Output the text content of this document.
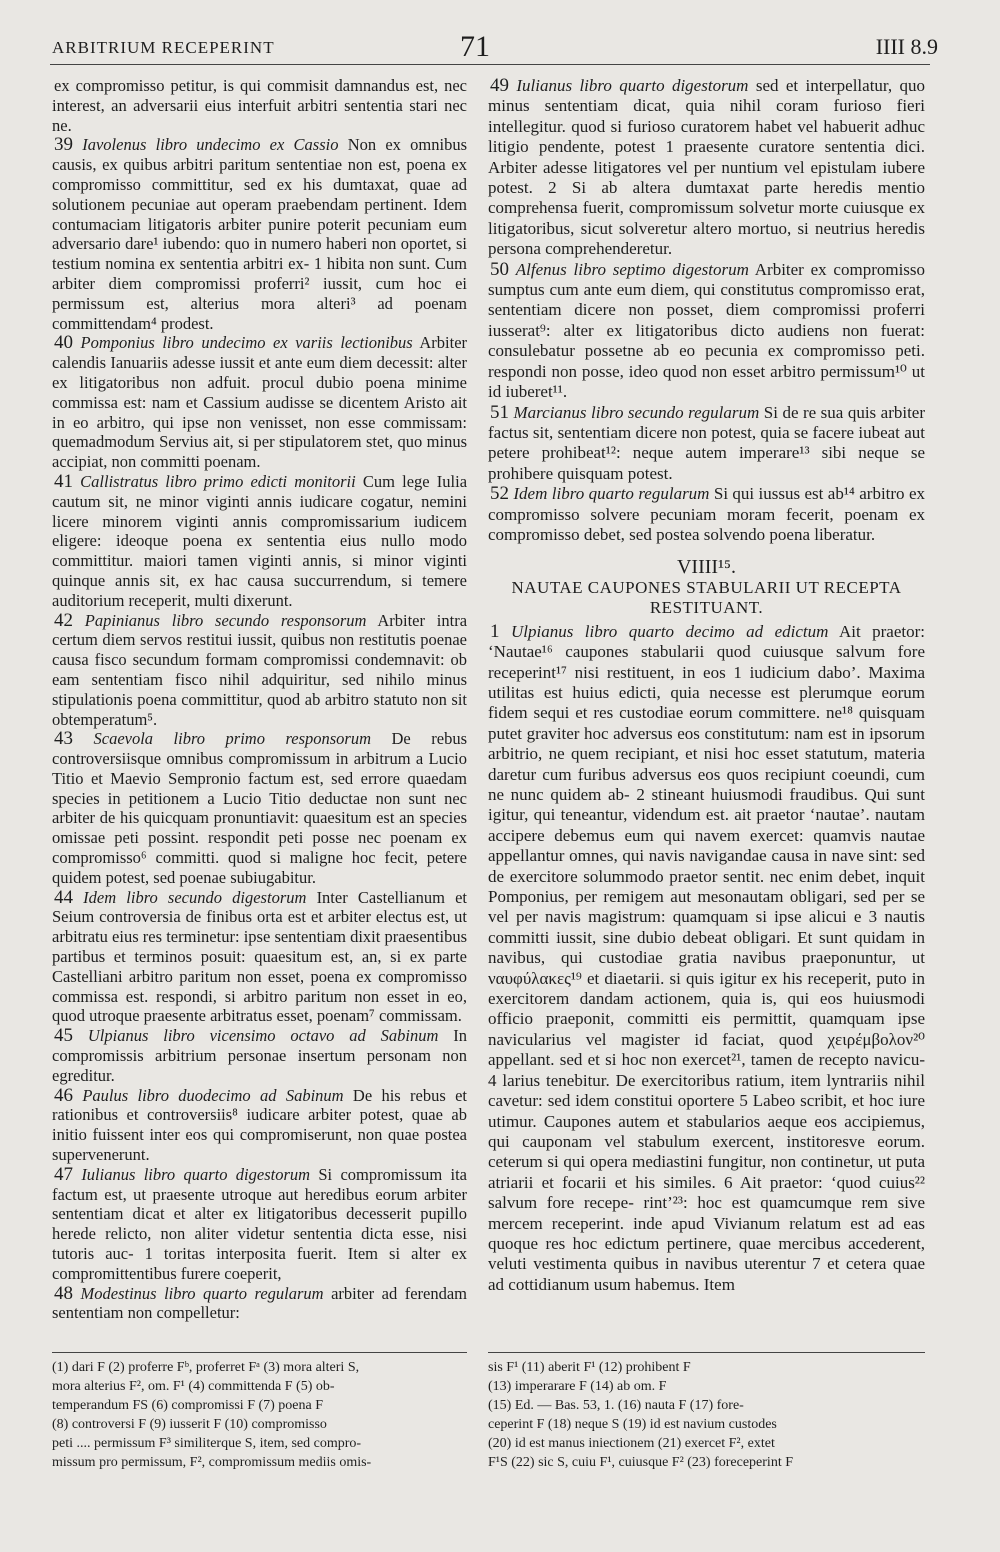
ARBITRIUM RECEPERINT	71	IIII 8.9

ex compromisso petitur, is qui commisit damnandus est, nec interest, an adversarii eius interfuit arbitri sententia stari nec ne.

39 Iavolenus libro undecimo ex Cassio Non ex omnibus causis, ex quibus arbitri paritum sententiae non est, poena ex compromisso committitur, sed ex his dumtaxat, quae ad solutionem pecuniae aut operam praebendam pertinent. Idem contumaciam litigatoris arbiter punire poterit pecuniam eum adversario dare¹ iubendo: quo in numero haberi non oportet, si testium nomina ex sententia arbitri ex- 1 hibita non sunt. Cum arbiter diem compromissi proferri² iussit, cum hoc ei permissum est, alterius mora alteri³ ad poenam committendam⁴ prodest.

40 Pomponius libro undecimo ex variis lectionibus Arbiter calendis Ianuariis adesse iussit et ante eum diem decessit: alter ex litigatoribus non adfuit. procul dubio poena minime commissa est: nam et Cassium audisse se dicentem Aristo ait in eo arbitro, qui ipse non venisset, non esse commissam: quemadmodum Servius ait, si per stipulatorem stet, quo minus accipiat, non committi poenam.

41 Callistratus libro primo edicti monitorii Cum lege Iulia cautum sit, ne minor viginti annis iudicare cogatur, nemini licere minorem viginti annis compromissarium iudicem eligere: ideoque poena ex sententia eius nullo modo committitur. maiori tamen viginti annis, si minor viginti quinque annis sit, ex hac causa succurrendum, si temere auditorium receperit, multi dixerunt.

42 Papinianus libro secundo responsorum Arbiter intra certum diem servos restitui iussit, quibus non restitutis poenae causa fisco secundum formam compromissi condemnavit: ob eam sententiam fisco nihil adquiritur, sed nihilo minus stipulationis poena committitur, quod ab arbitro statuto non sit obtemperatum⁵.

43 Scaevola libro primo responsorum De rebus controversiisque omnibus compromissum in arbitrum a Lucio Titio et Maevio Sempronio factum est, sed errore quaedam species in petitionem a Lucio Titio deductae non sunt nec arbiter de his quicquam pronuntiavit: quaesitum est an species omissae peti possint. respondit peti posse nec poenam ex compromisso⁶ committi. quod si maligne hoc fecit, petere quidem potest, sed poenae subiugabitur.

44 Idem libro secundo digestorum Inter Castellianum et Seium controversia de finibus orta est et arbiter electus est, ut arbitratu eius res terminetur: ipse sententiam dixit praesentibus partibus et terminos posuit: quaesitum est, an, si ex parte Castelliani arbitro paritum non esset, poena ex compromisso commissa est. respondi, si arbitro paritum non esset in eo, quod utroque praesente arbitratus esset, poenam⁷ commissam.

45 Ulpianus libro vicensimo octavo ad Sabinum In compromissis arbitrium personae insertum personam non egreditur.

46 Paulus libro duodecimo ad Sabinum De his rebus et rationibus et controversiis⁸ iudicare arbiter potest, quae ab initio fuissent inter eos qui compromiserunt, non quae postea supervenerunt.

47 Iulianus libro quarto digestorum Si compromissum ita factum est, ut praesente utroque aut heredibus eorum arbiter sententiam dicat et alter ex litigatoribus decesserit pupillo herede relicto, non aliter videtur sententia dicta esse, nisi tutoris auc- 1 toritas interposita fuerit. Item si alter ex compromittentibus furere coeperit,

48 Modestinus libro quarto regularum arbiter ad ferendam sententiam non compelletur:

49 Iulianus libro quarto digestorum sed et interpellatur, quo minus sententiam dicat, quia nihil coram furioso fieri intellegitur. quod si furioso curatorem habet vel habuerit adhuc litigio pendente, potest 1 praesente curatore sententia dici. Arbiter adesse litigatores vel per nuntium vel epistulam iubere potest. 2 Si ab altera dumtaxat parte heredis mentio comprehensa fuerit, compromissum solvetur morte cuiusque ex litigatoribus, sicut solveretur altero mortuo, si neutrius heredis persona comprehenderetur.

50 Alfenus libro septimo digestorum Arbiter ex compromisso sumptus cum ante eum diem, qui constitutus compromisso erat, sententiam dicere non posset, diem compromissi proferri iusserat⁹: alter ex litigatoribus dicto audiens non fuerat: consulebatur possetne ab eo pecunia ex compromisso peti. respondi non posse, ideo quod non esset arbitro permissum¹⁰ ut id iuberet¹¹.

51 Marcianus libro secundo regularum Si de re sua quis arbiter factus sit, sententiam dicere non potest, quia se facere iubeat aut petere prohibeat¹²: neque autem imperare¹³ sibi neque se prohibere quisquam potest.

52 Idem libro quarto regularum Si qui iussus est ab¹⁴ arbitro ex compromisso solvere pecuniam moram fecerit, poenam ex compromisso debet, sed postea solvendo poena liberatur.

VIIII¹⁵.
NAUTAE CAUPONES STABULARII UT RECEPTA RESTITUANT.

1 Ulpianus libro quarto decimo ad edictum Ait praetor: ‘Nautae¹⁶ caupones stabularii quod cuiusque salvum fore receperint¹⁷ nisi restituent, in eos 1 iudicium dabo’. Maxima utilitas est huius edicti, quia necesse est plerumque eorum fidem sequi et res custodiae eorum committere. ne¹⁸ quisquam putet graviter hoc adversus eos constitutum: nam est in ipsorum arbitrio, ne quem recipiant, et nisi hoc esset statutum, materia daretur cum furibus adversus eos quos recipiunt coeundi, cum ne nunc quidem ab- 2 stineant huiusmodi fraudibus. Qui sunt igitur, qui teneantur, videndum est. ait praetor ‘nautae’. nautam accipere debemus eum qui navem exercet: quamvis nautae appellantur omnes, qui navis navigandae causa in nave sint: sed de exercitore solummodo praetor sentit. nec enim debet, inquit Pomponius, per remigem aut mesonautam obligari, sed per se vel per navis magistrum: quamquam si ipse alicui e 3 nautis committi iussit, sine dubio debeat obligari. Et sunt quidam in navibus, qui custodiae gratia navibus praeponuntur, ut ναυφύλακες¹⁹ et diaetarii. si quis igitur ex his receperit, puto in exercitorem dandam actionem, quia is, qui eos huiusmodi officio praeponit, committi eis permittit, quamquam ipse navicularius vel magister id faciat, quod χειρέμβολον²⁰ appellant. sed et si hoc non exercet²¹, tamen de recepto navicu- 4 larius tenebitur. De exercitoribus ratium, item lyntrariis nihil cavetur: sed idem constitui oportere 5 Labeo scribit, et hoc iure utimur. Caupones autem et stabularios aeque eos accipiemus, qui cauponam vel stabulum exercent, institoresve eorum. ceterum si qui opera mediastini fungitur, non continetur, ut puta atriarii et focarii et his similes. 6 Ait praetor: ‘quod cuius²² salvum fore recepe- rint’²³: hoc est quamcumque rem sive mercem receperint. inde apud Vivianum relatum est ad eas quoque res hoc edictum pertinere, quae mercibus accederent, veluti vestimenta quibus in navibus uterentur 7 et cetera quae ad cottidianum usum habemus. Item

(1) dari F (2) proferre Fᵇ, proferret Fᵃ (3) mora alteri S,
mora alterius F², om. F¹ (4) committenda F (5) ob-
temperandum FS (6) compromissi F (7) poena F
(8) controversi F (9) iusserit F (10) compromisso
peti .... permissum F³ similiterque S, item, sed compro-
missum pro permissum, F², compromissum mediis omis-
sis F¹ (11) aberit F¹ (12) prohibent F
(13) imperarare F (14) ab om. F
(15) Ed. — Bas. 53, 1. (16) nauta F (17) fore-
ceperint F (18) neque S (19) id est navium custodes
(20) id est manus iniectionem (21) exercet F², extet
F¹S (22) sic S, cuiu F¹, cuiusque F² (23) foreceperint F
